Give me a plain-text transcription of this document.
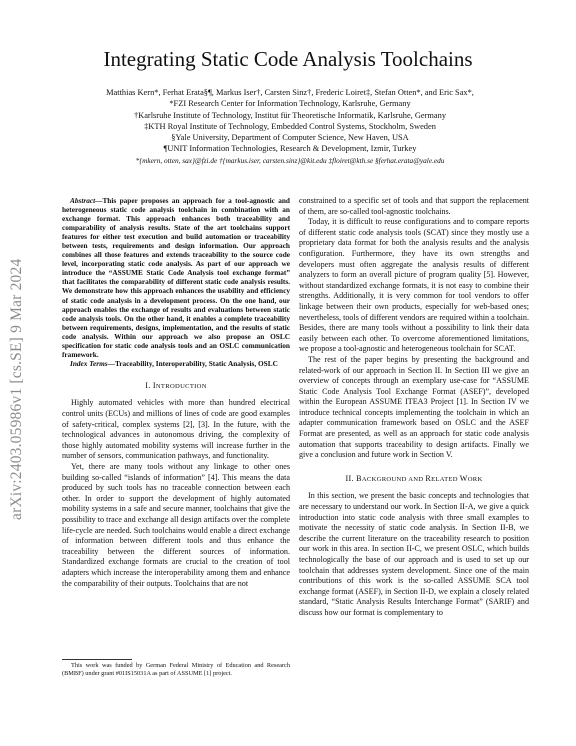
arXiv:2403.05986v1 [cs.SE] 9 Mar 2024
Integrating Static Code Analysis Toolchains
Matthias Kern*, Ferhat Erata§¶, Markus Iser†, Carsten Sinz†, Frederic Loiret‡, Stefan Otten*, and Eric Sax*,
*FZI Research Center for Information Technology, Karlsruhe, Germany
†Karlsruhe Institute of Technology, Institut für Theoretische Informatik, Karlsruhe, Germany
‡KTH Royal Institute of Technology, Embedded Control Systems, Stockholm, Sweden
§Yale University, Department of Computer Science, New Haven, USA
¶UNIT Information Technologies, Research & Development, Izmir, Turkey
*{mkern, otten, sax}@fzi.de †{markus.iser, carsten.sinz}@kit.edu ‡floiret@kth.se §ferhat.erata@yale.edu

Abstract—This paper proposes an approach for a tool-agnostic and heterogeneous static code analysis toolchain in combination with an exchange format. This approach enhances both traceability and comparability of analysis results. State of the art toolchains support features for either test execution and build automation or traceability between tests, requirements and design information. Our approach combines all those features and extends traceability to the source code level, incorporating static code analysis. As part of our approach we introduce the “ASSUME Static Code Analysis tool exchange format” that facilitates the comparability of different static code analysis results. We demonstrate how this approach enhances the usability and efficiency of static code analysis in a development process. On the one hand, our approach enables the exchange of results and evaluations between static code analysis tools. On the other hand, it enables a complete traceability between requirements, designs, implementation, and the results of static code analysis. Within our approach we also propose an OSLC specification for static code analysis tools and an OSLC communication framework.

Index Terms—Traceability, Interoperability, Static Analysis, OSLC

I. INTRODUCTION

Highly automated vehicles with more than hundred electrical control units (ECUs) and millions of lines of code are good examples of safety-critical, complex systems [2], [3]. In the future, with the technological advances in autonomous driving, the complexity of those highly automated mobility systems will increase further in the number of sensors, communication pathways, and functionality.

Yet, there are many tools without any linkage to other ones building so-called “islands of information” [4]. This means the data produced by such tools has no traceable connection between each other. In order to support the development of highly automated mobility systems in a safe and secure manner, toolchains that give the possibility to trace and exchange all design artifacts over the complete life-cycle are needed. Such toolchains would enable a direct exchange of information between different tools and thus enhance the traceability between the different sources of information. Standardized exchange formats are crucial to the creation of tool adapters which increase the interoperability among them and enhance the comparability of their outputs. Toolchains that are not

This work was funded by German Federal Ministry of Education and Research (BMBF) under grant #01IS15031A as part of ASSUME [1] project.

constrained to a specific set of tools and that support the replacement of them, are so-called tool-agnostic toolchains.

Today, it is difficult to reuse configurations and to compare reports of different static code analysis tools (SCAT) since they mostly use a proprietary data format for both the analysis results and the analysis configuration. Furthermore, they have its own strengths and developers must often aggregate the analysis results of different analyzers to form an overall picture of program quality [5]. However, without standardized exchange formats, it is not easy to combine their strengths. Additionally, it is very common for tool vendors to offer linkage between their own products, especially for web-based ones; nevertheless, tools of different vendors are required within a toolchain. Besides, there are many tools without a possibility to link their data easily between each other. To overcome aforementioned limitations, we propose a tool-agnostic and heterogeneous toolchain for SCAT.

The rest of the paper begins by presenting the background and related-work of our approach in Section II. In Section III we give an overview of concepts through an exemplary use-case for “ASSUME Static Code Analysis Tool Exchange Format (ASEF)”, developed within the European ASSUME ITEA3 Project [1]. In Section IV we introduce technical concepts implementing the toolchain in which an adapter communication framework based on OSLC and the ASEF Format are presented, as well as an approach for static code analysis automation that supports traceability to design artifacts. Finally we give a conclusion and future work in Section V.

II. BACKGROUND AND RELATED WORK

In this section, we present the basic concepts and technologies that are necessary to understand our work. In Section II-A, we give a quick introduction into static code analysis with three small examples to motivate the necessity of static code analysis. In Section II-B, we describe the current literature on the traceability research to position our work in this area. In section II-C, we present OSLC, which builds technologically the base of our approach and is used to set up our toolchain that addresses system development. Since one of the main contributions of this work is the so-called ASSUME SCA tool exchange format (ASEF), in Section II-D, we explain a closely related standard, “Static Analysis Results Interchange Format” (SARIF) and discuss how our format is complementary to
